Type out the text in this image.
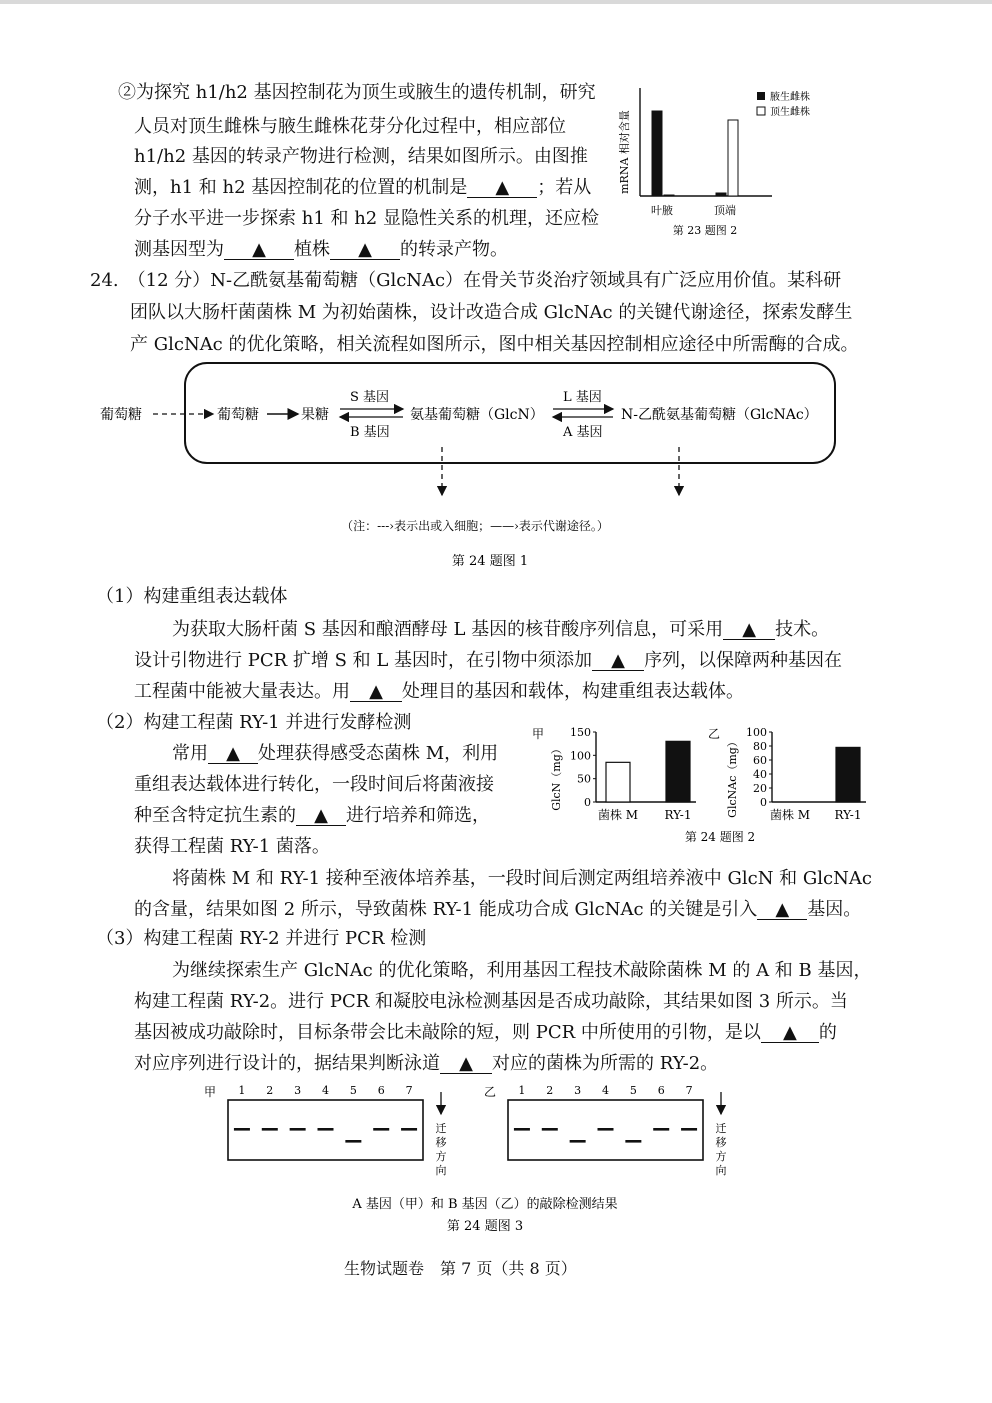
②为探究 h1/h2 基因控制花为顶生或腋生的遗传机制，研究
人员对顶生雌株与腋生雌株花芽分化过程中，相应部位
h1/h2 基因的转录产物进行检测，结果如图所示。由图推
测，h1 和 h2 基因控制花的位置的机制是 ▲ ；若从
分子水平进一步探索 h1 和 h2 显隐性关系的机理，还应检
测基因型为 ▲ 植株 ▲ 的转录产物。
mRNA 相对含量
腋生雌株
顶生雌株
叶腋	顶端
第 23 题图 2
24.　（12 分）N-乙酰氨基葡萄糖（GlcNAc）在骨关节炎治疗领域具有广泛应用价值。某科研
团队以大肠杆菌菌株 M 为初始菌株，设计改造合成 GlcNAc 的关键代谢途径，探索发酵生
产 GlcNAc 的优化策略，相关流程如图所示，图中相关基因控制相应途径中所需酶的合成。
葡萄糖	葡萄糖	果糖
S 基因
B 基因
氨基葡萄糖（GlcN）
L 基因
A 基因
N-乙酰氨基葡萄糖（GlcNAc）
（注：---›表示出或入细胞；——›表示代谢途径。）
第 24 题图 1
（1）构建重组表达载体
为获取大肠杆菌 S 基因和酿酒酵母 L 基因的核苷酸序列信息，可采用 ▲ 技术。
设计引物进行 PCR 扩增 S 和 L 基因时，在引物中须添加 ▲ 序列，以保障两种基因在
工程菌中能被大量表达。用 ▲ 处理目的基因和载体，构建重组表达载体。
（2）构建工程菌 RY-1 并进行发酵检测
常用 ▲ 处理获得感受态菌株 M，利用
重组表达载体进行转化，一段时间后将菌液接
种至含特定抗生素的 ▲ 进行培养和筛选，
获得工程菌 RY-1 菌落。
将菌株 M 和 RY-1 接种至液体培养基，一段时间后测定两组培养液中 GlcN 和 GlcNAc
的含量，结果如图 2 所示，导致菌株 RY-1 能成功合成 GlcNAc 的关键是引入 ▲ 基因。
甲
GlcN（mg） 0
50
100
150
菌株 M RY-1
乙
GlcNAc（mg） 0
20
40
60
80
100
菌株 M RY-1
第 24 题图 2
（3）构建工程菌 RY-2 并进行 PCR 检测
为继续探索生产 GlcNAc 的优化策略，利用基因工程技术敲除菌株 M 的 A 和 B 基因，
构建工程菌 RY-2。进行 PCR 和凝胶电泳检测基因是否成功敲除，其结果如图 3 所示。当
基因被成功敲除时，目标条带会比未敲除的短，则 PCR 中所使用的引物，是以 ▲ 的
对应序列进行设计的，据结果判断泳道 ▲ 对应的菌株为所需的 RY-2。
甲 1 2 3 4 5 6 7
迁
移
方
向
乙 1 2 3 4 5 6 7
迁
移
方
向
A 基因（甲）和 B 基因（乙）的敲除检测结果
第 24 题图 3
生物试题卷　第 7 页（共 8 页）
